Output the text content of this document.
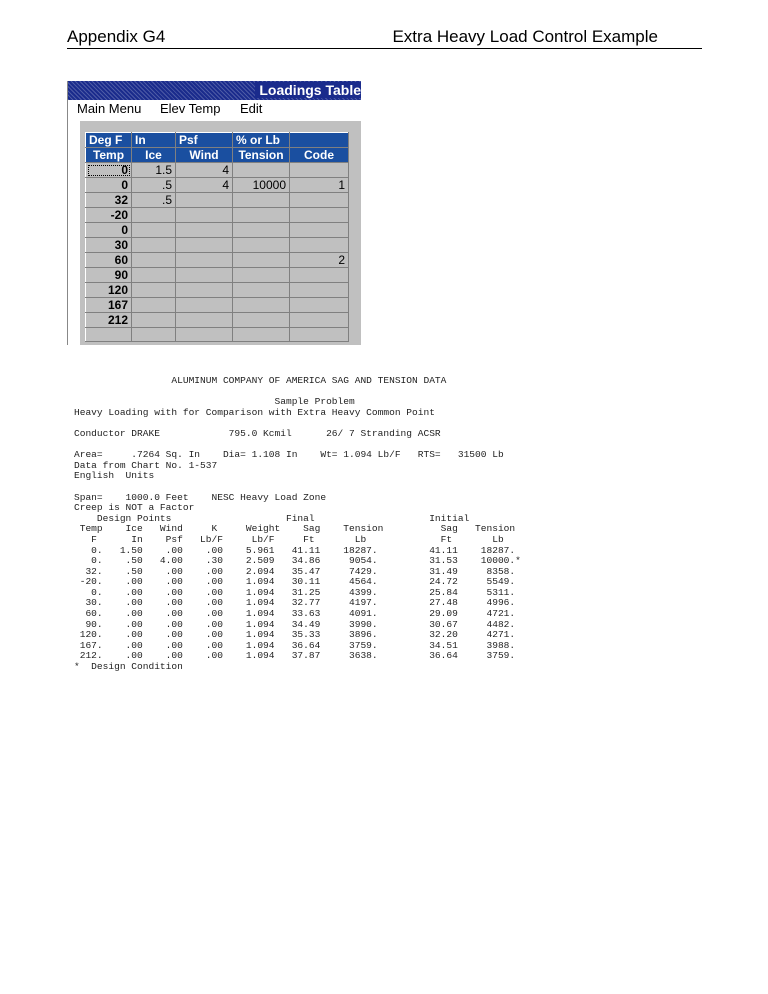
Appendix G4	Extra Heavy Load Control Example
Loadings Table
Main Menu Elev Temp Edit
Deg F	In	Psf	% or Lb	
Temp	Ice	Wind	Tension	Code
0	1.5	4		
0	.5	4	10000	1
32	.5			
-20				
0				
30				
60				2
90				
120				
167				
212				

ALUMINUM COMPANY OF AMERICA SAG AND TENSION DATA
Sample Problem
Heavy Loading with for Comparison with Extra Heavy Common Point
Conductor DRAKE            795.0 Kcmil      26/ 7 Stranding ACSR
Area=     .7264 Sq. In    Dia= 1.108 In    Wt= 1.094 Lb/F   RTS=   31500 Lb
Data from Chart No. 1-537
English  Units
Span=    1000.0 Feet    NESC Heavy Load Zone
Creep is NOT a Factor
Design Points                    Final                    Initial
Temp    Ice   Wind     K     Weight    Sag    Tension          Sag   Tension
F      In    Psf   Lb/F     Lb/F     Ft       Lb             Ft       Lb
0.   1.50    .00    .00    5.961   41.11    18287.         41.11    18287.
0.    .50   4.00    .30    2.509   34.86     9054.         31.53    10000.*
32.    .50    .00    .00    2.094   35.47     7429.         31.49     8358.
-20.    .00    .00    .00    1.094   30.11     4564.         24.72     5549.
0.    .00    .00    .00    1.094   31.25     4399.         25.84     5311.
30.    .00    .00    .00    1.094   32.77     4197.         27.48     4996.
60.    .00    .00    .00    1.094   33.63     4091.         29.09     4721.
90.    .00    .00    .00    1.094   34.49     3990.         30.67     4482.
120.    .00    .00    .00    1.094   35.33     3896.         32.20     4271.
167.    .00    .00    .00    1.094   36.64     3759.         34.51     3988.
212.    .00    .00    .00    1.094   37.87     3638.         36.64     3759.
*  Design Condition
